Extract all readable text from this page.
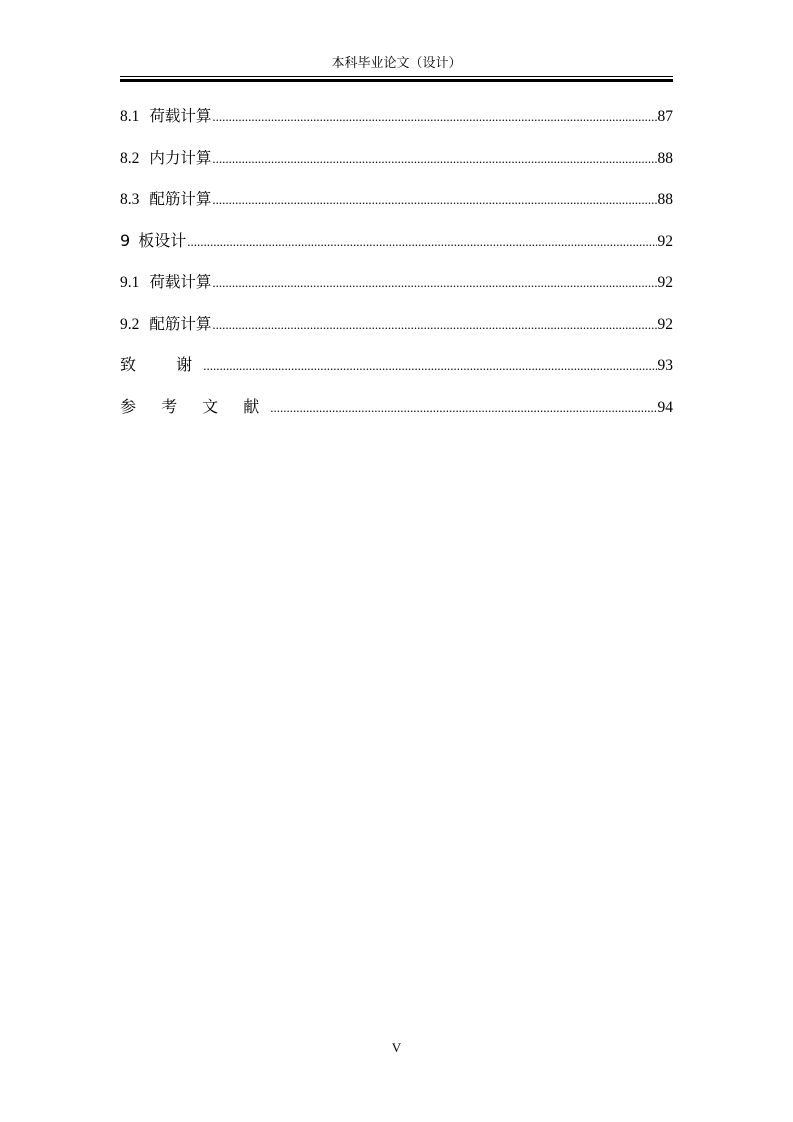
本科毕业论文（设计）
8.1 荷载计算 .....	87
8.2 内力计算 .....	88
8.3 配筋计算 .....	88
9 板设计 .....	92
9.1 荷载计算 .....	92
9.2 配筋计算 .....	92
致  谢 .....	93
参 考 文 献 .....	94
V
